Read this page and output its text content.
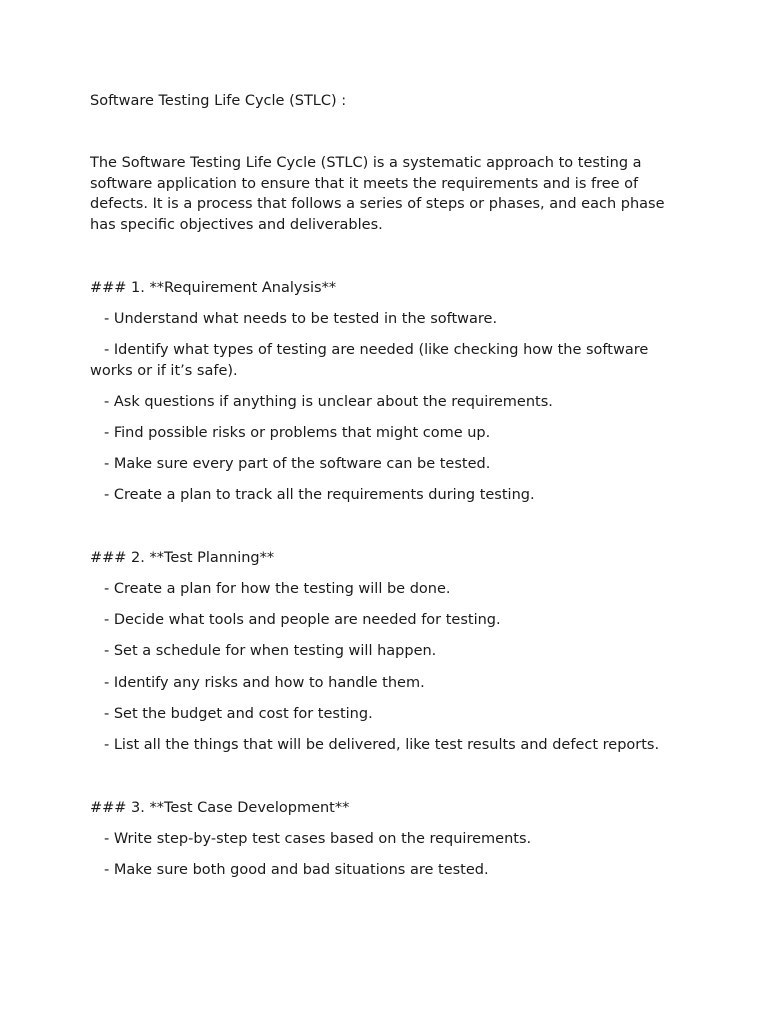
Software Testing Life Cycle (STLC) :

The Software Testing Life Cycle (STLC) is a systematic approach to testing a software application to ensure that it meets the requirements and is free of defects. It is a process that follows a series of steps or phases, and each phase has specific objectives and deliverables.

### 1. **Requirement Analysis**
- Understand what needs to be tested in the software.
- Identify what types of testing are needed (like checking how the software works or if it’s safe).
- Ask questions if anything is unclear about the requirements.
- Find possible risks or problems that might come up.
- Make sure every part of the software can be tested.
- Create a plan to track all the requirements during testing.
### 2. **Test Planning**
- Create a plan for how the testing will be done.
- Decide what tools and people are needed for testing.
- Set a schedule for when testing will happen.
- Identify any risks and how to handle them.
- Set the budget and cost for testing.
- List all the things that will be delivered, like test results and defect reports.
### 3. **Test Case Development**
- Write step-by-step test cases based on the requirements.
- Make sure both good and bad situations are tested.
